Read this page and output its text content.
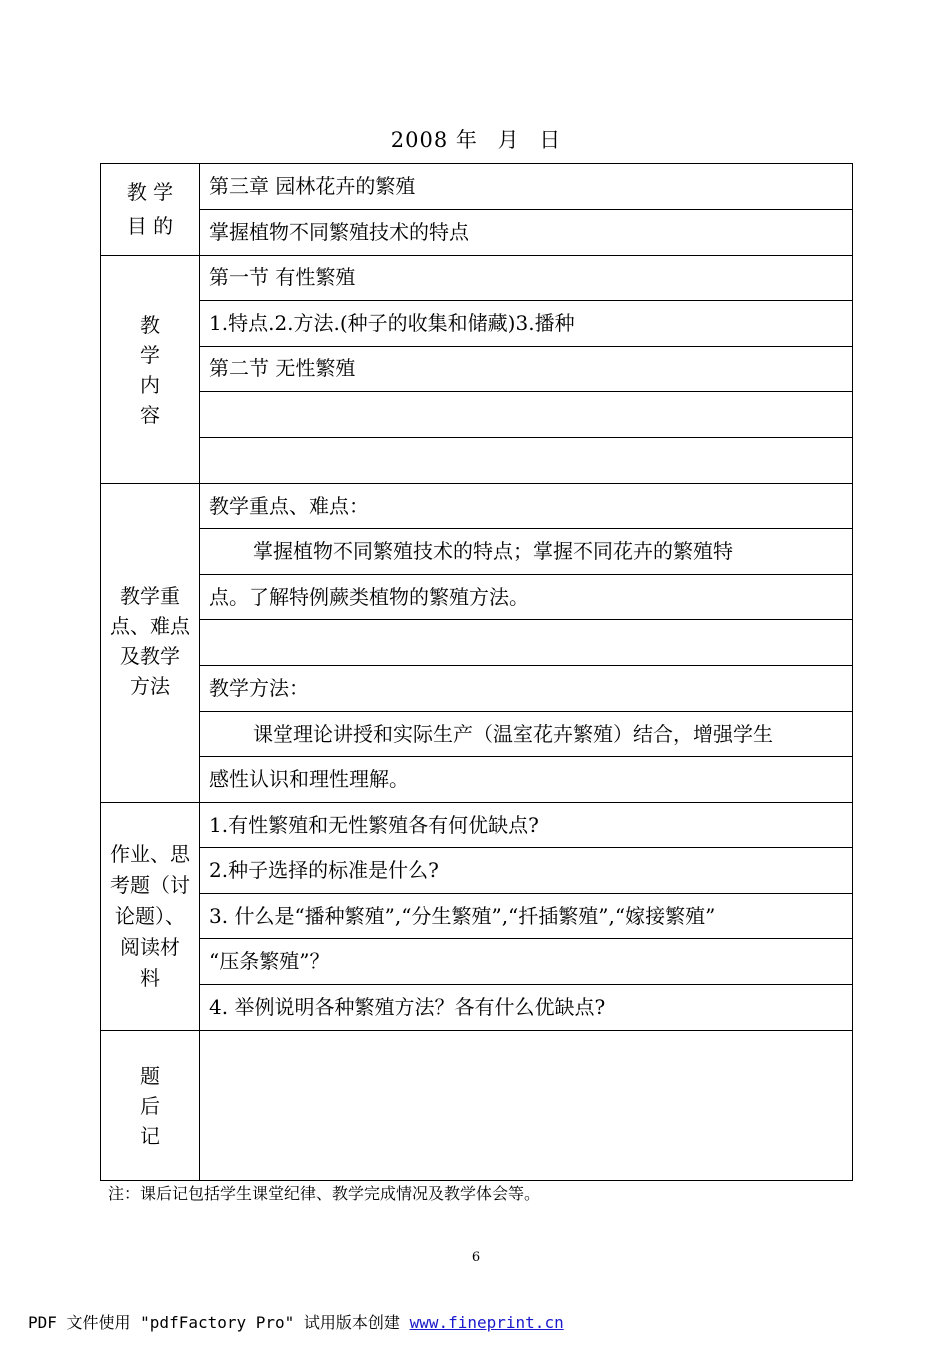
2008 年 月 日
教 学
目 的
第三章 园林花卉的繁殖
掌握植物不同繁殖技术的特点
教
学
内
容
第一节 有性繁殖
1.特点.2.方法.(种子的收集和储藏)3.播种
第二节 无性繁殖
教学重
点、难点
及教学
方法
教学重点、难点：
掌握植物不同繁殖技术的特点；掌握不同花卉的繁殖特
点。了解特例蕨类植物的繁殖方法。
教学方法：
课堂理论讲授和实际生产（温室花卉繁殖）结合，增强学生
感性认识和理性理解。
作业、思
考题（讨
论题）、
阅读材
料
1.有性繁殖和无性繁殖各有何优缺点?
2.种子选择的标准是什么?
3. 什么是“播种繁殖”,“分生繁殖”,“扦插繁殖”,“嫁接繁殖”
“压条繁殖”？
4. 举例说明各种繁殖方法？各有什么优缺点?
题
后
记
注：课后记包括学生课堂纪律、教学完成情况及教学体会等。
6
PDF 文件使用 "pdfFactory Pro" 试用版本创建 www.fineprint.cn
